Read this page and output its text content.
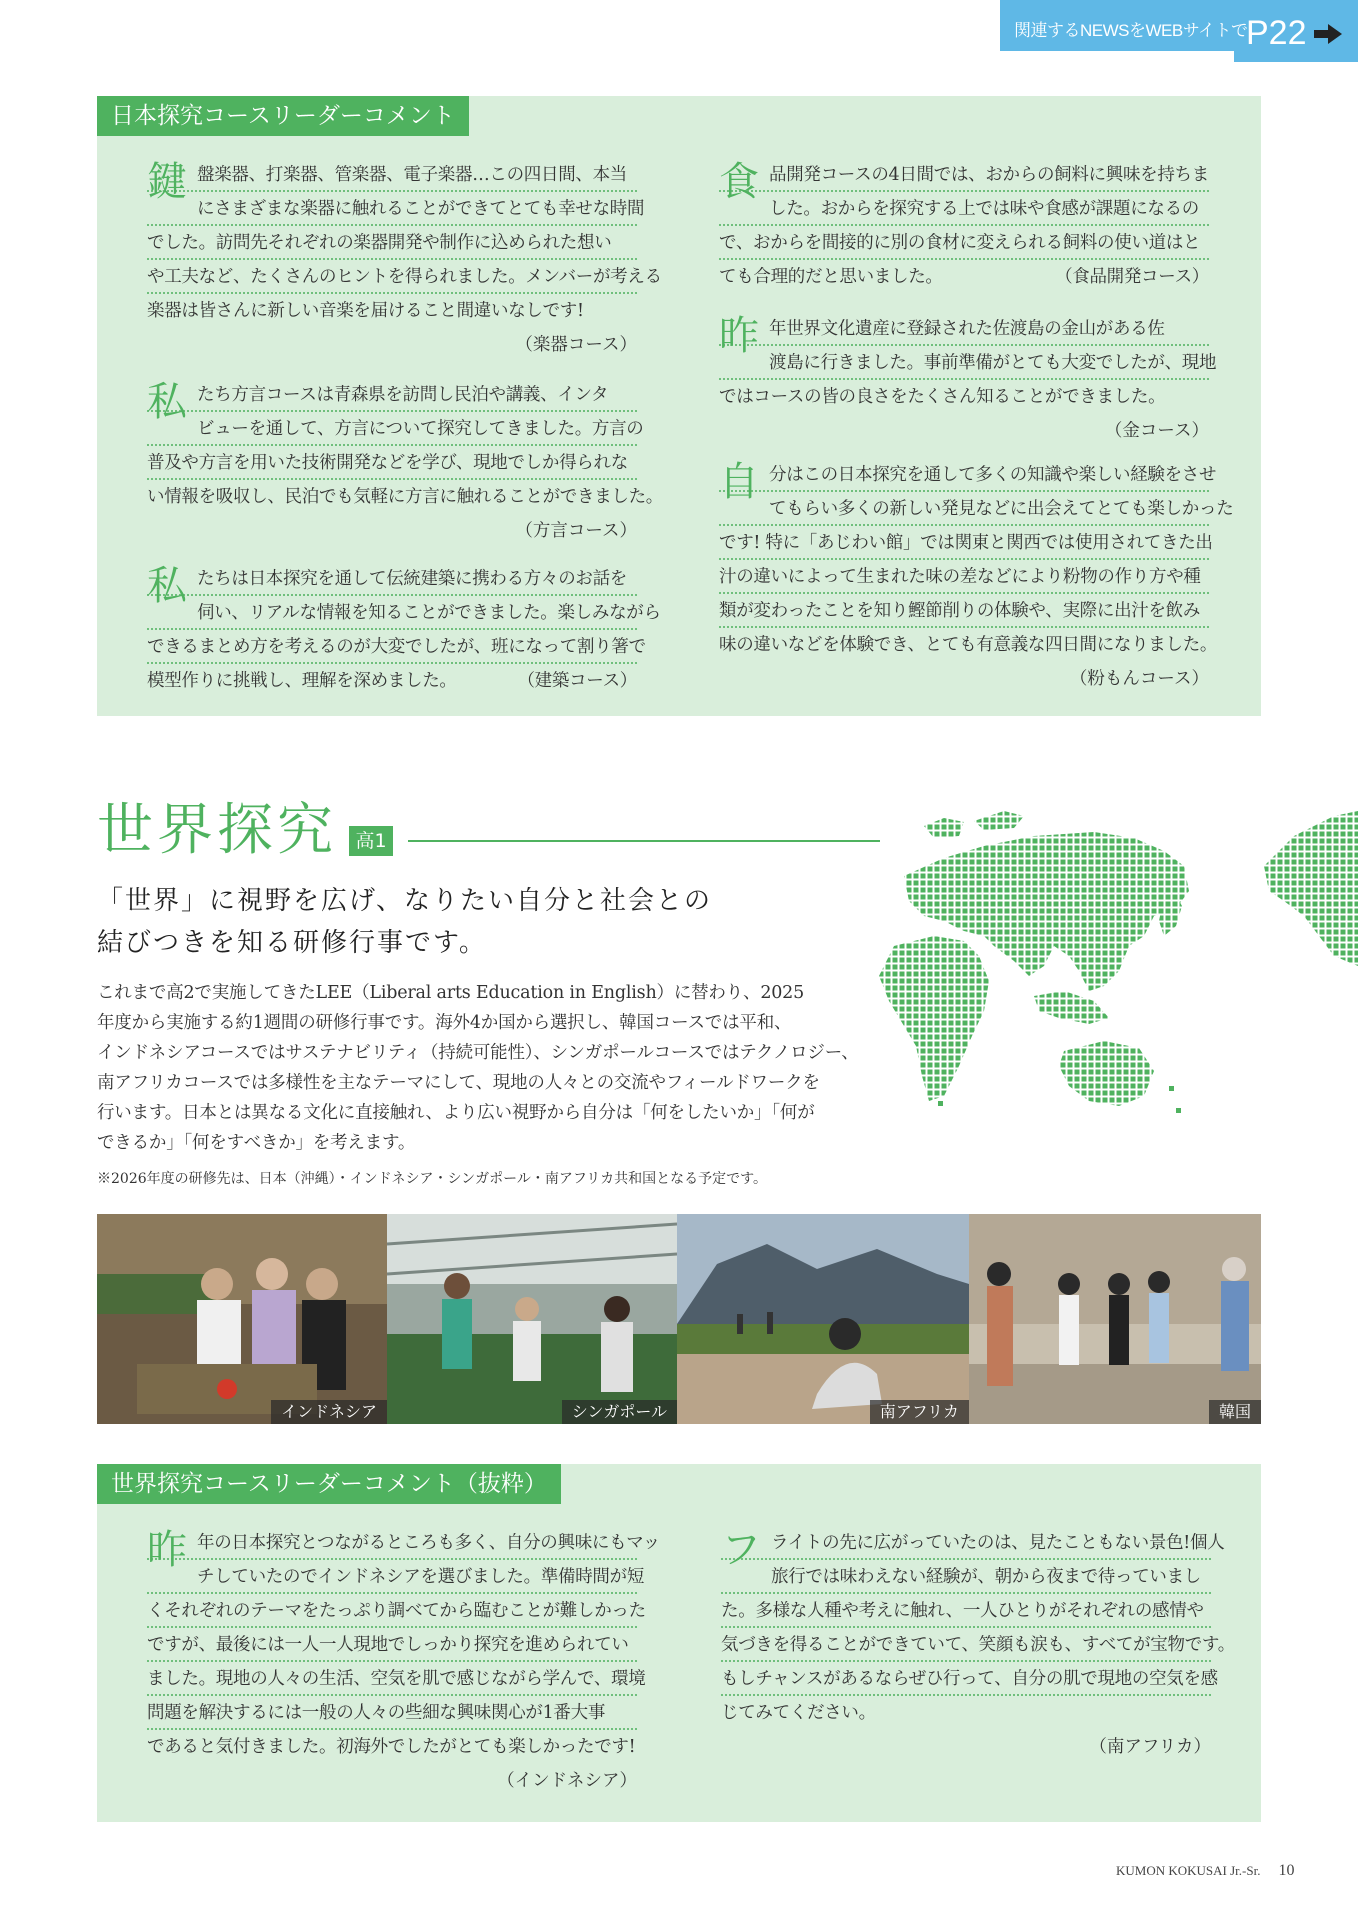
関連するNEWSをWEBサイトで!
P22
日本探究コースリーダーコメント
鍵 盤楽器、打楽器、管楽器、電子楽器…この四日間、本当
にさまざまな楽器に触れることができてとても幸せな時間
でした。訪問先それぞれの楽器開発や制作に込められた想い
や工夫など、たくさんのヒントを得られました。メンバーが考える
楽器は皆さんに新しい音楽を届けること間違いなしです!
（楽器コース）
私 たち方言コースは青森県を訪問し民泊や講義、インタ
ビューを通して、方言について探究してきました。方言の
普及や方言を用いた技術開発などを学び、現地でしか得られな
い情報を吸収し、民泊でも気軽に方言に触れることができました。
（方言コース）
私 たちは日本探究を通して伝統建築に携わる方々のお話を
伺い、リアルな情報を知ることができました。楽しみながら
できるまとめ方を考えるのが大変でしたが、班になって割り箸で
（建築コース）
模型作りに挑戦し、理解を深めました。
食 品開発コースの4日間では、おからの飼料に興味を持ちま
した。おからを探究する上では味や食感が課題になるの
で、おからを間接的に別の食材に変えられる飼料の使い道はと
（食品開発コース）
ても合理的だと思いました。
昨 年世界文化遺産に登録された佐渡島の金山がある佐
渡島に行きました。事前準備がとても大変でしたが、現地
ではコースの皆の良さをたくさん知ることができました。
（金コース）
自 分はこの日本探究を通して多くの知識や楽しい経験をさせ
てもらい多くの新しい発見などに出会えてとても楽しかった
です! 特に「あじわい館」では関東と関西では使用されてきた出
汁の違いによって生まれた味の差などにより粉物の作り方や種
類が変わったことを知り鰹節削りの体験や、実際に出汁を飲み
味の違いなどを体験でき、とても有意義な四日間になりました。
（粉もんコース）
世界探究 高1
「世界」に視野を広げ、なりたい自分と社会との
結びつきを知る研修行事です。

これまで高2で実施してきたLEE（Liberal arts Education in English）に替わり、2025

年度から実施する約1週間の研修行事です。海外4か国から選択し、韓国コースでは平和、

インドネシアコースではサステナビリティ（持続可能性）、シンガポールコースではテクノロジー、

南アフリカコースでは多様性を主なテーマにして、現地の人々との交流やフィールドワークを

行います。日本とは異なる文化に直接触れ、より広い視野から自分は「何をしたいか」「何が

できるか」「何をすべきか」を考えます。

※2026年度の研修先は、日本（沖縄）・インドネシア・シンガポール・南アフリカ共和国となる予定です。
インドネシア	シンガポール	南アフリカ	韓国
世界探究コースリーダーコメント（抜粋）
昨 年の日本探究とつながるところも多く、自分の興味にもマッ
チしていたのでインドネシアを選びました。準備時間が短
くそれぞれのテーマをたっぷり調べてから臨むことが難しかった
ですが、最後には一人一人現地でしっかり探究を進められてい
ました。現地の人々の生活、空気を肌で感じながら学んで、環境
問題を解決するには一般の人々の些細な興味関心が1番大事
であると気付きました。初海外でしたがとても楽しかったです!
（インドネシア）
フ ライトの先に広がっていたのは、見たこともない景色!個人
旅行では味わえない経験が、朝から夜まで待っていまし
た。多様な人種や考えに触れ、一人ひとりがそれぞれの感情や
気づきを得ることができていて、笑顔も涙も、すべてが宝物です。
もしチャンスがあるならぜひ行って、自分の肌で現地の空気を感
じてみてください。
（南アフリカ）
KUMON KOKUSAI Jr.-Sr. 10
